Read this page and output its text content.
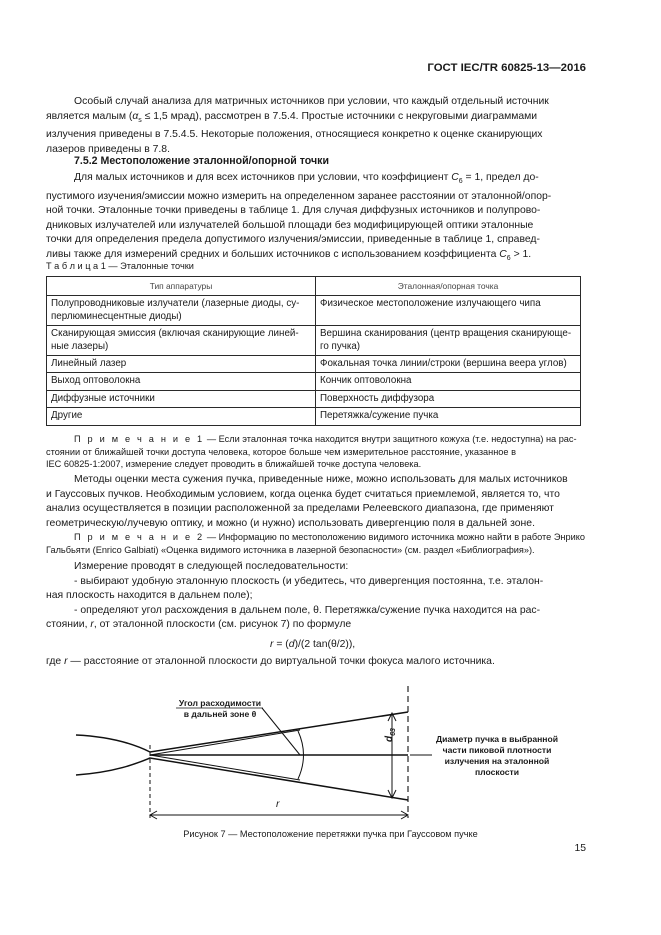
ГОСТ IEC/TR 60825-13—2016

Особый случай анализа для матричных источников при условии, что каждый отдельный источник

является малым ($\alpha_s \le 1,5$ мрад), рассмотрен в 7.5.4. Простые источники с некруговыми диаграммами

излучения приведены в 7.5.4.5. Некоторые положения, относящиеся конкретно к оценке сканирующих

лазеров приведены в 7.8.

7.5.2 Местоположение эталонной/опорной точки

Для малых источников и для всех источников при условии, что коэффициент $C_6 = 1$, предел до-

пустимого изучения/эмиссии можно измерить на определенном заранее расстоянии от эталонной/опор-

ной точки. Эталонные точки приведены в таблице 1. Для случая диффузных источников и полупрово-

дниковых излучателей или излучателей большой площади без модифицирующей оптики эталонные

точки для определения предела допустимого излучения/эмиссии, приведенные в таблице 1, справед-

ливы также для измерений средних и больших источников с использованием коэффициента $C_6 > 1$.

Т а б л и ц а 1 — Эталонные точки
Тип аппаратуры	Эталонная/опорная точка
Полупроводниковые излучатели (лазерные диоды, су-перлюминесцентные диоды)	Физическое местоположение излучающего чипа
Сканирующая эмиссия (включая сканирующие линей-ные лазеры)	Вершина сканирования (центр вращения сканирующе-го пучка)
Линейный лазер	Фокальная точка линии/строки (вершина веера углов)
Выход оптоволокна	Кончик оптоволокна
Диффузные источники	Поверхность диффузора
Другие	Перетяжка/сужение пучка

П р и м е ч а н и е 1 — Если эталонная точка находится внутри защитного кожуха (т.е. недоступна) на рас-

стоянии от ближайшей точки доступа человека, которое больше чем измерительное расстояние, указанное в

IEC 60825-1:2007, измерение следует проводить в ближайшей точке доступа человека.

Методы оценки места сужения пучка, приведенные ниже, можно использовать для малых источников

и Гауссовых пучков. Необходимым условием, когда оценка будет считаться приемлемой, является то, что

анализ осуществляется в позиции расположенной за пределами Релеевского диапазона, где применяют

геометрическую/лучевую оптику, и можно (и нужно) использовать дивергенцию поля в дальней зоне.

П р и м е ч а н и е 2 — Информацию по местоположению видимого источника можно найти в работе Энрико

Гальбьяти (Enrico Galbiati) «Оценка видимого источника в лазерной безопасности» (см. раздел «Библиография»).

Измерение проводят в следующей последовательности:

- выбирают удобную эталонную плоскость (и убедитесь, что дивергенция постоянна, т.е. эталон-

ная плоскость находится в дальнем поле);

- определяют угол расхождения в дальнем поле, θ. Перетяжка/сужение пучка находится на рас-

стоянии, r, от эталонной плоскости (см. рисунок 7) по формуле

r = (d)/(2 tan(θ/2)),
где r — расстояние от эталонной плоскости до виртуальной точки фокуса малого источника.
Угол расходимости
в дальней зоне θ
Диаметр пучка в выбранной
части пиковой плотности
излучения на эталонной
плоскости
$d_{63}$
r
Рисунок 7 — Местоположение перетяжки пучка при Гауссовом пучке
15
